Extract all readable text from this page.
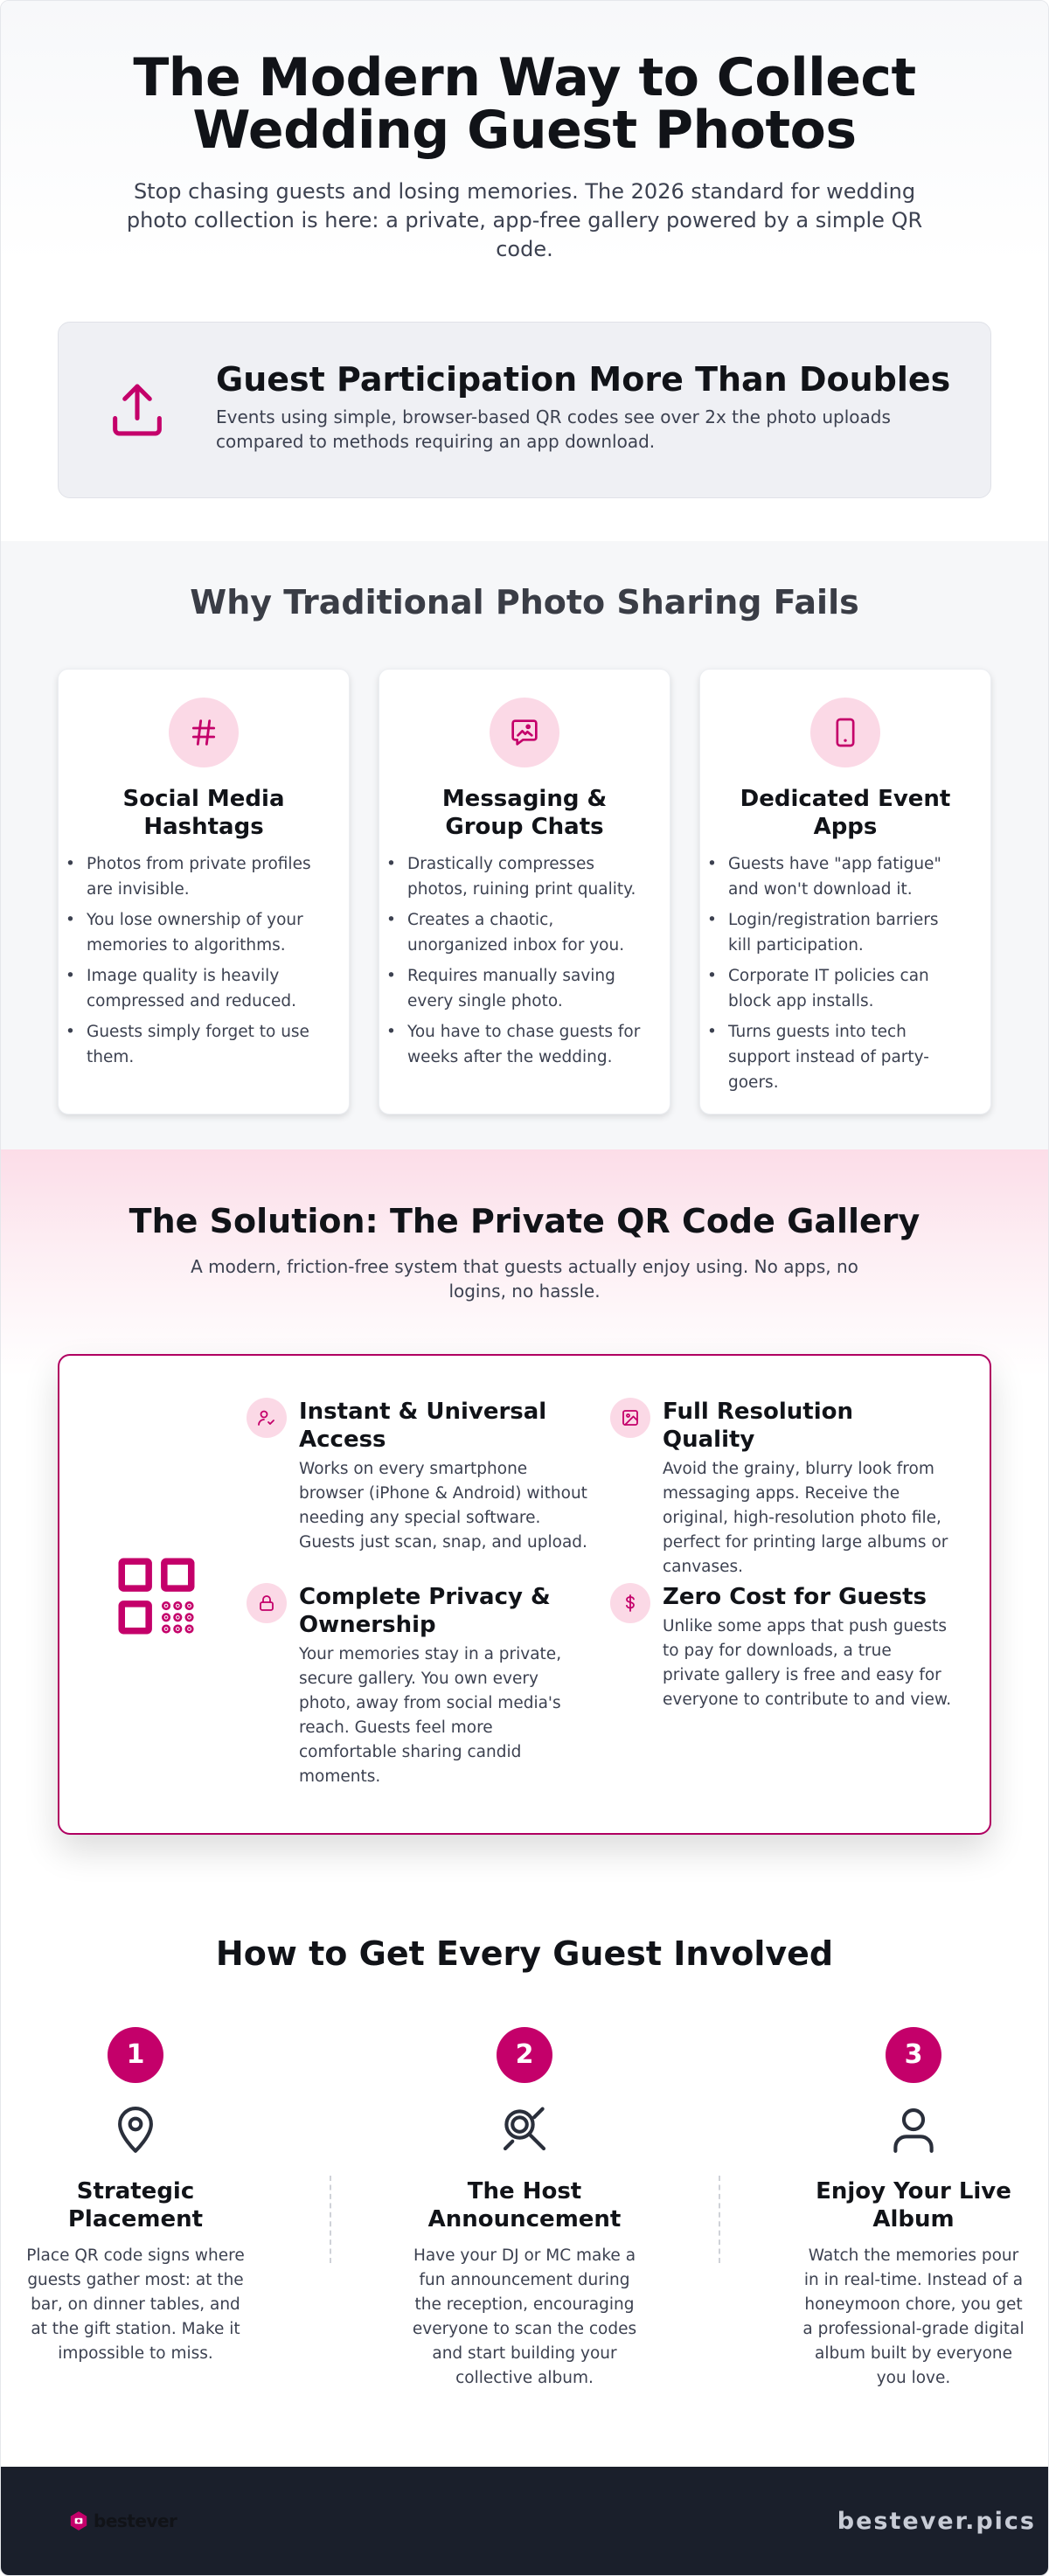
The Modern Way to Collect Wedding Guest Photos

Stop chasing guests and losing memories. The 2026 standard for wedding photo collection is here: a private, app-free gallery powered by a simple QR code.

Guest Participation More Than Doubles

Events using simple, browser-based QR codes see over 2x the photo uploads compared to methods requiring an app download.

Why Traditional Photo Sharing Fails
Social Media Hashtags
• Photos from private profiles are invisible.
• You lose ownership of your memories to algorithms.
• Image quality is heavily compressed and reduced.
• Guests simply forget to use them.
Messaging & Group Chats
• Drastically compresses photos, ruining print quality.
• Creates a chaotic, unorganized inbox for you.
• Requires manually saving every single photo.
• You have to chase guests for weeks after the wedding.
Dedicated Event Apps
• Guests have "app fatigue" and won't download it.
• Login/registration barriers kill participation.
• Corporate IT policies can block app installs.
• Turns guests into tech support instead of party-goers.
The Solution: The Private QR Code Gallery

A modern, friction-free system that guests actually enjoy using. No apps, no logins, no hassle.

Instant & Universal Access

Works on every smartphone browser (iPhone & Android) without needing any special software. Guests just scan, snap, and upload.

Full Resolution Quality

Avoid the grainy, blurry look from messaging apps. Receive the original, high-resolution photo file, perfect for printing large albums or canvases.

Complete Privacy & Ownership

Your memories stay in a private, secure gallery. You own every photo, away from social media's reach. Guests feel more comfortable sharing candid moments.

Zero Cost for Guests

Unlike some apps that push guests to pay for downloads, a true private gallery is free and easy for everyone to contribute to and view.

How to Get Every Guest Involved
1
Strategic Placement

Place QR code signs where guests gather most: at the bar, on dinner tables, and at the gift station. Make it impossible to miss.

2
The Host Announcement

Have your DJ or MC make a fun announcement during the reception, encouraging everyone to scan the codes and start building your collective album.

3
Enjoy Your Live Album

Watch the memories pour in in real-time. Instead of a honeymoon chore, you get a professional-grade digital album built by everyone you love.

bestever	bestever.pics
